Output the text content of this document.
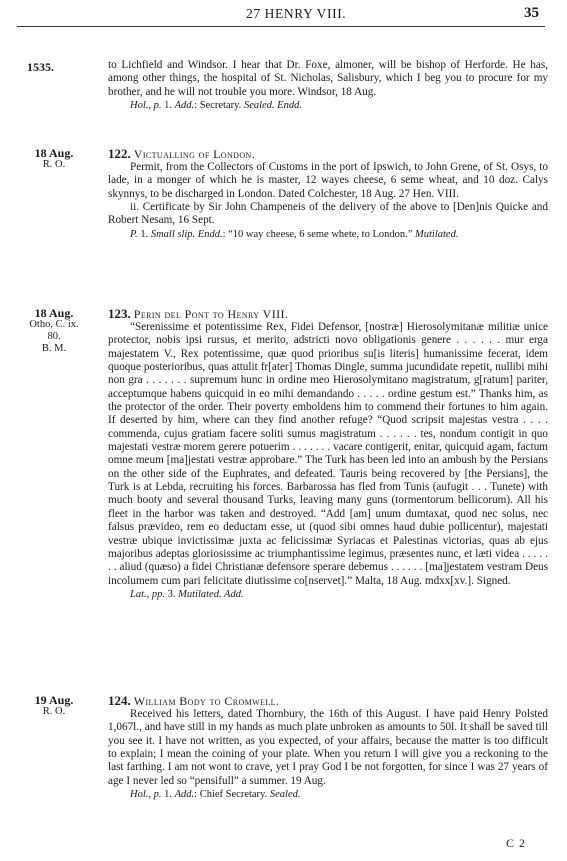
27 HENRY VIII.	35
1535.	to Lichfield and Windsor. I hear that Dr. Foxe, almoner, will be bishop of Herforde. He has, among other things, the hospital of St. Nicholas, Salisbury, which I beg you to procure for my brother, and he will not trouble you more. Windsor, 18 Aug.

Hol., p. 1. Add.: Secretary. Sealed. Endd.

18 Aug.
R. O.

122. Victualling of London.

Permit, from the Collectors of Customs in the port of Ipswich, to John Grene, of St. Osys, to lade, in a monger of which he is master, 12 wayes cheese, 6 seme wheat, and 10 doz. Calys skynnys, to be discharged in London. Dated Colchester, 18 Aug. 27 Hen. VIII.

ii. Certificate by Sir John Champeneis of the delivery of the above to [Den]nis Quicke and Robert Nesam, 16 Sept.

P. 1. Small slip. Endd.: “10 way cheese, 6 seme whete, to London.” Mutilated.

18 Aug.
Otho, C. ix.
80.
B. M.

123. Perin del Pont to Henry VIII.

“Serenissime et potentissime Rex, Fidei Defensor, [nostræ] Hierosolymitanæ militiæ unice protector, nobis ipsi rursus, et merito, adstricti novo obligationis genere . . . . . . mur erga majestatem V., Rex potentissime, quæ quod prioribus su[is literis] humanissime fecerat, idem quoque posterioribus, quas attulit fr[ater] Thomas Dingle, summa jucundidate repetit, nullibi mihi non gra . . . . . . . supremum hunc in ordine meo Hierosolymitano magistratum, g[ratum] pariter, acceptumque habens quicquid in eo mihi demandando . . . . . ordine gestum est.” Thanks him, as the protector of the order. Their poverty emboldens him to commend their fortunes to him again. If deserted by him, where can they find another refuge? “Quod scripsit majestas vestra . . . . commenda, cujus gratiam facere soliti sumus magistratum . . . . . . tes, nondum contigit in quo majestati vestræ morem gerere potuerim . . . . . . . vacare contigerit, enitar, quicquid agam, factum omne meum [ma]jestati vestræ approbare.” The Turk has been led into an ambush by the Persians on the other side of the Euphrates, and defeated. Tauris being recovered by [the Persians], the Turk is at Lebda, recruiting his forces. Barbarossa has fled from Tunis (aufugit . . . Tunete) with much booty and several thousand Turks, leaving many guns (tormentorum bellicorum). All his fleet in the harbor was taken and destroyed. “Add [am] unum dumtaxat, quod nec solus, nec falsus prævideo, rem eo deductam esse, ut (quod sibi omnes haud dubie pollicentur), majestati vestræ ubique invictissimæ juxta ac felicissimæ Syriacas et Palestinas victorias, quas ab ejus majoribus adeptas gloriosissime ac triumphantissime legimus, præsentes nunc, et læti videa . . . . . . . aliud (quæso) a fidei Christianæ defensore sperare debemus . . . . . . [ma]jestatem vestram Deus incolumem cum pari felicitate diutissime co[nservet].” Malta, 18 Aug. mdxx[xv.]. Signed.

Lat., pp. 3. Mutilated. Add.

19 Aug.
R. O.

124. William Body to Cromwell.

Received his letters, dated Thornbury, the 16th of this August. I have paid Henry Polsted 1,067l., and have still in my hands as much plate unbroken as amounts to 50l. It shall be saved till you see it. I have not written, as you expected, of your affairs, because the matter is too difficult to explain; I mean the coining of your plate. When you return I will give you a reckoning to the last farthing. I am not wont to crave, yet I pray God I be not forgotten, for since I was 27 years of age I never led so “pensifull” a summer. 19 Aug.

Hol., p. 1. Add.: Chief Secretary. Sealed.

C 2
